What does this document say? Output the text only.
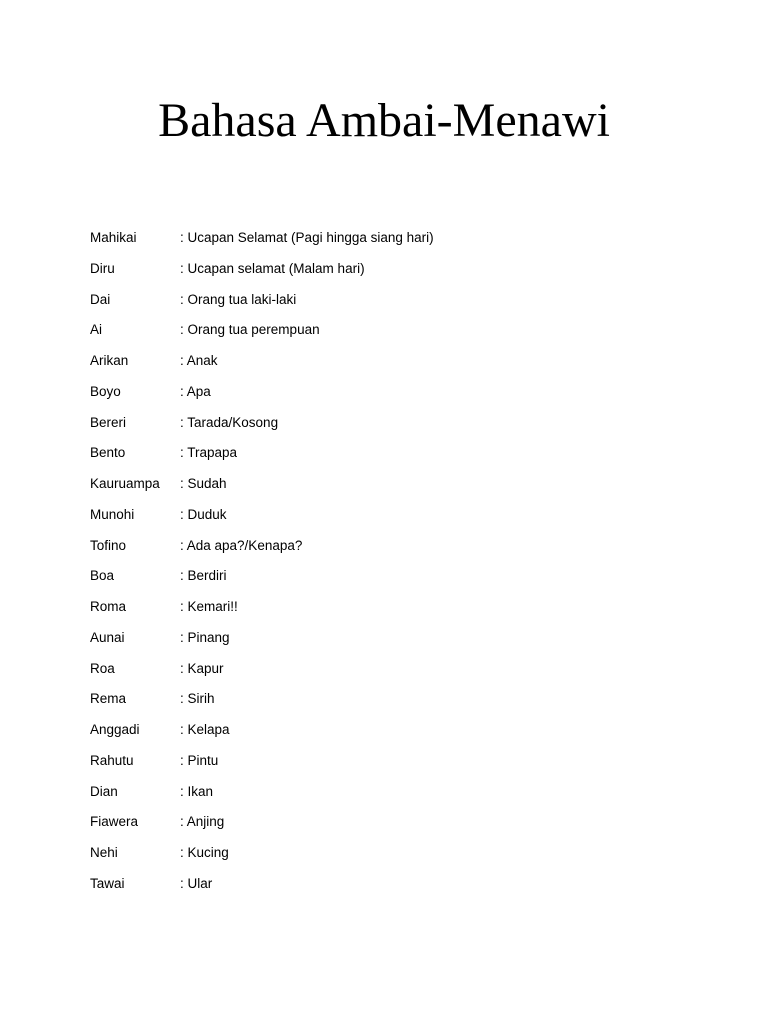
Bahasa Ambai-Menawi
Mahikai	: Ucapan Selamat (Pagi hingga siang hari)
Diru	: Ucapan selamat (Malam hari)
Dai	: Orang tua laki-laki
Ai	: Orang tua perempuan
Arikan	: Anak
Boyo	: Apa
Bereri	: Tarada/Kosong
Bento	: Trapapa
Kauruampa	: Sudah
Munohi	: Duduk
Tofino	: Ada apa?/Kenapa?
Boa	: Berdiri
Roma	: Kemari!!
Aunai	: Pinang
Roa	: Kapur
Rema	: Sirih
Anggadi	: Kelapa
Rahutu	: Pintu
Dian	: Ikan
Fiawera	: Anjing
Nehi	: Kucing
Tawai	: Ular
